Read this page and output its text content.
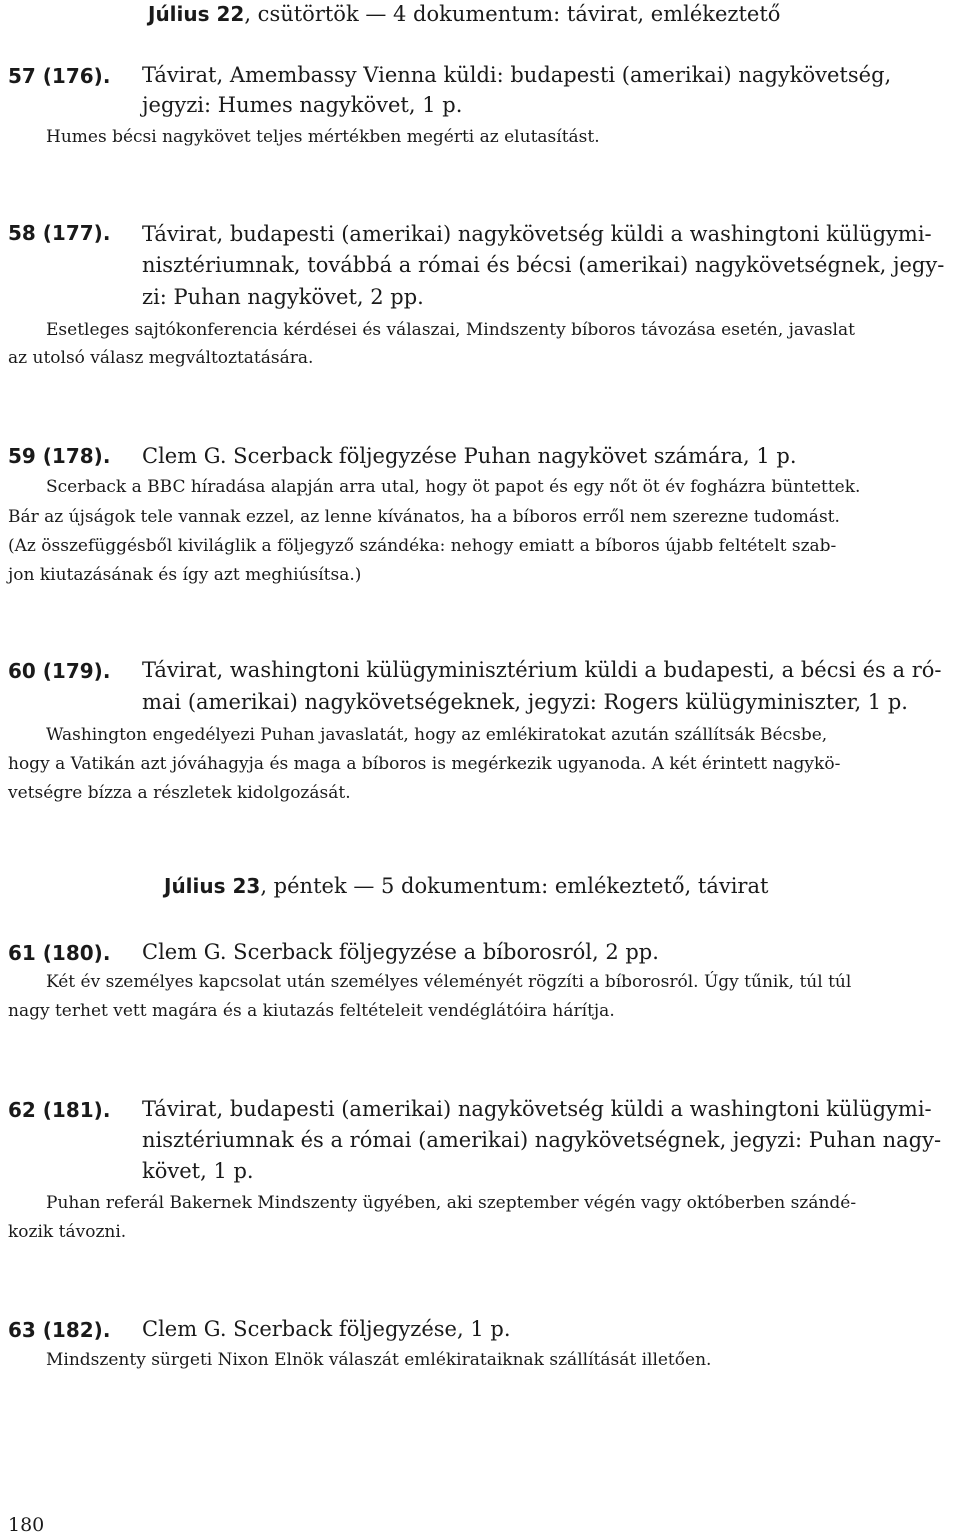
Július 22, csütörtök — 4 dokumentum: távirat, emlékeztető
57 (176). Távirat, Amembassy Vienna küldi: budapesti (amerikai) nagykövetség,
jegyzi: Humes nagykövet, 1 p.
Humes bécsi nagykövet teljes mértékben megérti az elutasítást.
58 (177). Távirat, budapesti (amerikai) nagykövetség küldi a washingtoni külügymi-
nisztériumnak, továbbá a római és bécsi (amerikai) nagykövetségnek, jegy-
zi: Puhan nagykövet, 2 pp.
Esetleges sajtókonferencia kérdései és válaszai, Mindszenty bíboros távozása esetén, javaslat
az utolsó válasz megváltoztatására.
59 (178). Clem G. Scerback följegyzése Puhan nagykövet számára, 1 p.
Scerback a BBC híradása alapján arra utal, hogy öt papot és egy nőt öt év fogházra büntettek.
Bár az újságok tele vannak ezzel, az lenne kívánatos, ha a bíboros erről nem szerezne tudomást.
(Az összefüggésből kiviláglik a följegyző szándéka: nehogy emiatt a bíboros újabb feltételt szab-
jon kiutazásának és így azt meghiúsítsa.)
60 (179). Távirat, washingtoni külügyminisztérium küldi a budapesti, a bécsi és a ró-
mai (amerikai) nagykövetségeknek, jegyzi: Rogers külügyminiszter, 1 p.
Washington engedélyezi Puhan javaslatát, hogy az emlékiratokat azután szállítsák Bécsbe,
hogy a Vatikán azt jóváhagyja és maga a bíboros is megérkezik ugyanoda. A két érintett nagykö-
vetségre bízza a részletek kidolgozását.
Július 23, péntek — 5 dokumentum: emlékeztető, távirat
61 (180). Clem G. Scerback följegyzése a bíborosról, 2 pp.
Két év személyes kapcsolat után személyes véleményét rögzíti a bíborosról. Úgy tűnik, túl túl
nagy terhet vett magára és a kiutazás feltételeit vendéglátóira hárítja.
62 (181). Távirat, budapesti (amerikai) nagykövetség küldi a washingtoni külügymi-
nisztériumnak és a római (amerikai) nagykövetségnek, jegyzi: Puhan nagy-
követ, 1 p.
Puhan referál Bakernek Mindszenty ügyében, aki szeptember végén vagy októberben szándé-
kozik távozni.
63 (182). Clem G. Scerback följegyzése, 1 p.
Mindszenty sürgeti Nixon Elnök válaszát emlékirataiknak szállítását illetően.
180
